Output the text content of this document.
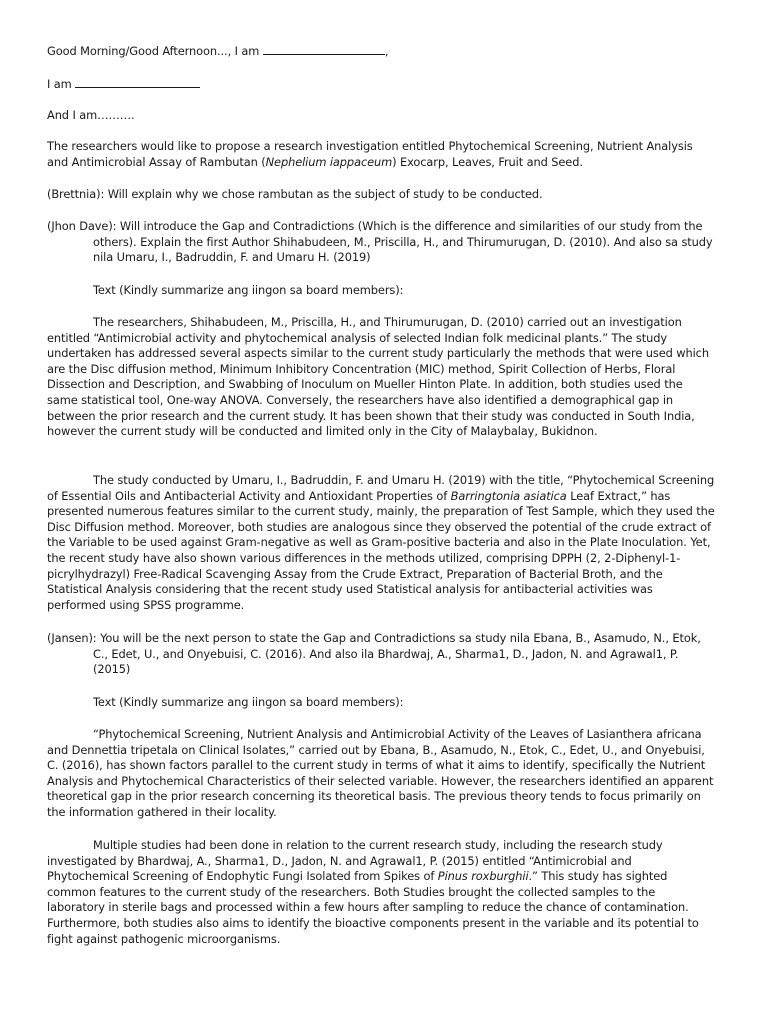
Good Morning/Good Afternoon..., I am	,

I am

And I am……….

The researchers would like to propose a research investigation entitled Phytochemical Screening, Nutrient Analysis and Antimicrobial Assay of Rambutan (Nephelium iappaceum) Exocarp, Leaves, Fruit and Seed.

(Brettnia): Will explain why we chose rambutan as the subject of study to be conducted.

(Jhon Dave): Will introduce the Gap and Contradictions (Which is the difference and similarities of our study from the others). Explain the first Author Shihabudeen, M., Priscilla, H., and Thirumurugan, D. (2010). And also sa study nila Umaru, I., Badruddin, F. and Umaru H. (2019)

Text (Kindly summarize ang iingon sa board members):

The researchers, Shihabudeen, M., Priscilla, H., and Thirumurugan, D. (2010) carried out an investigation entitled “Antimicrobial activity and phytochemical analysis of selected Indian folk medicinal plants.” The study undertaken has addressed several aspects similar to the current study particularly the methods that were used which are the Disc diffusion method, Minimum Inhibitory Concentration (MIC) method, Spirit Collection of Herbs, Floral Dissection and Description, and Swabbing of Inoculum on Mueller Hinton Plate. In addition, both studies used the same statistical tool, One-way ANOVA. Conversely, the researchers have also identified a demographical gap in between the prior research and the current study. It has been shown that their study was conducted in South India, however the current study will be conducted and limited only in the City of Malaybalay, Bukidnon.

The study conducted by Umaru, I., Badruddin, F. and Umaru H. (2019) with the title, “Phytochemical Screening of Essential Oils and Antibacterial Activity and Antioxidant Properties of Barringtonia asiatica Leaf Extract,” has presented numerous features similar to the current study, mainly, the preparation of Test Sample, which they used the Disc Diffusion method. Moreover, both studies are analogous since they observed the potential of the crude extract of the Variable to be used against Gram-negative as well as Gram-positive bacteria and also in the Plate Inoculation. Yet, the recent study have also shown various differences in the methods utilized, comprising DPPH (2, 2-Diphenyl-1-picrylhydrazyl) Free-Radical Scavenging Assay from the Crude Extract, Preparation of Bacterial Broth, and the Statistical Analysis considering that the recent study used Statistical analysis for antibacterial activities was performed using SPSS programme.

(Jansen): You will be the next person to state the Gap and Contradictions sa study nila Ebana, B., Asamudo, N., Etok, C., Edet, U., and Onyebuisi, C. (2016). And also ila Bhardwaj, A., Sharma1, D., Jadon, N. and Agrawal1, P. (2015)

Text (Kindly summarize ang iingon sa board members):

“Phytochemical Screening, Nutrient Analysis and Antimicrobial Activity of the Leaves of Lasianthera africana and Dennettia tripetala on Clinical Isolates,” carried out by Ebana, B., Asamudo, N., Etok, C., Edet, U., and Onyebuisi, C. (2016), has shown factors parallel to the current study in terms of what it aims to identify, specifically the Nutrient Analysis and Phytochemical Characteristics of their selected variable. However, the researchers identified an apparent theoretical gap in the prior research concerning its theoretical basis. The previous theory tends to focus primarily on the information gathered in their locality.

Multiple studies had been done in relation to the current research study, including the research study investigated by Bhardwaj, A., Sharma1, D., Jadon, N. and Agrawal1, P. (2015) entitled “Antimicrobial and Phytochemical Screening of Endophytic Fungi Isolated from Spikes of Pinus roxburghii.” This study has sighted common features to the current study of the researchers. Both Studies brought the collected samples to the laboratory in sterile bags and processed within a few hours after sampling to reduce the chance of contamination. Furthermore, both studies also aims to identify the bioactive components present in the variable and its potential to fight against pathogenic microorganisms.
